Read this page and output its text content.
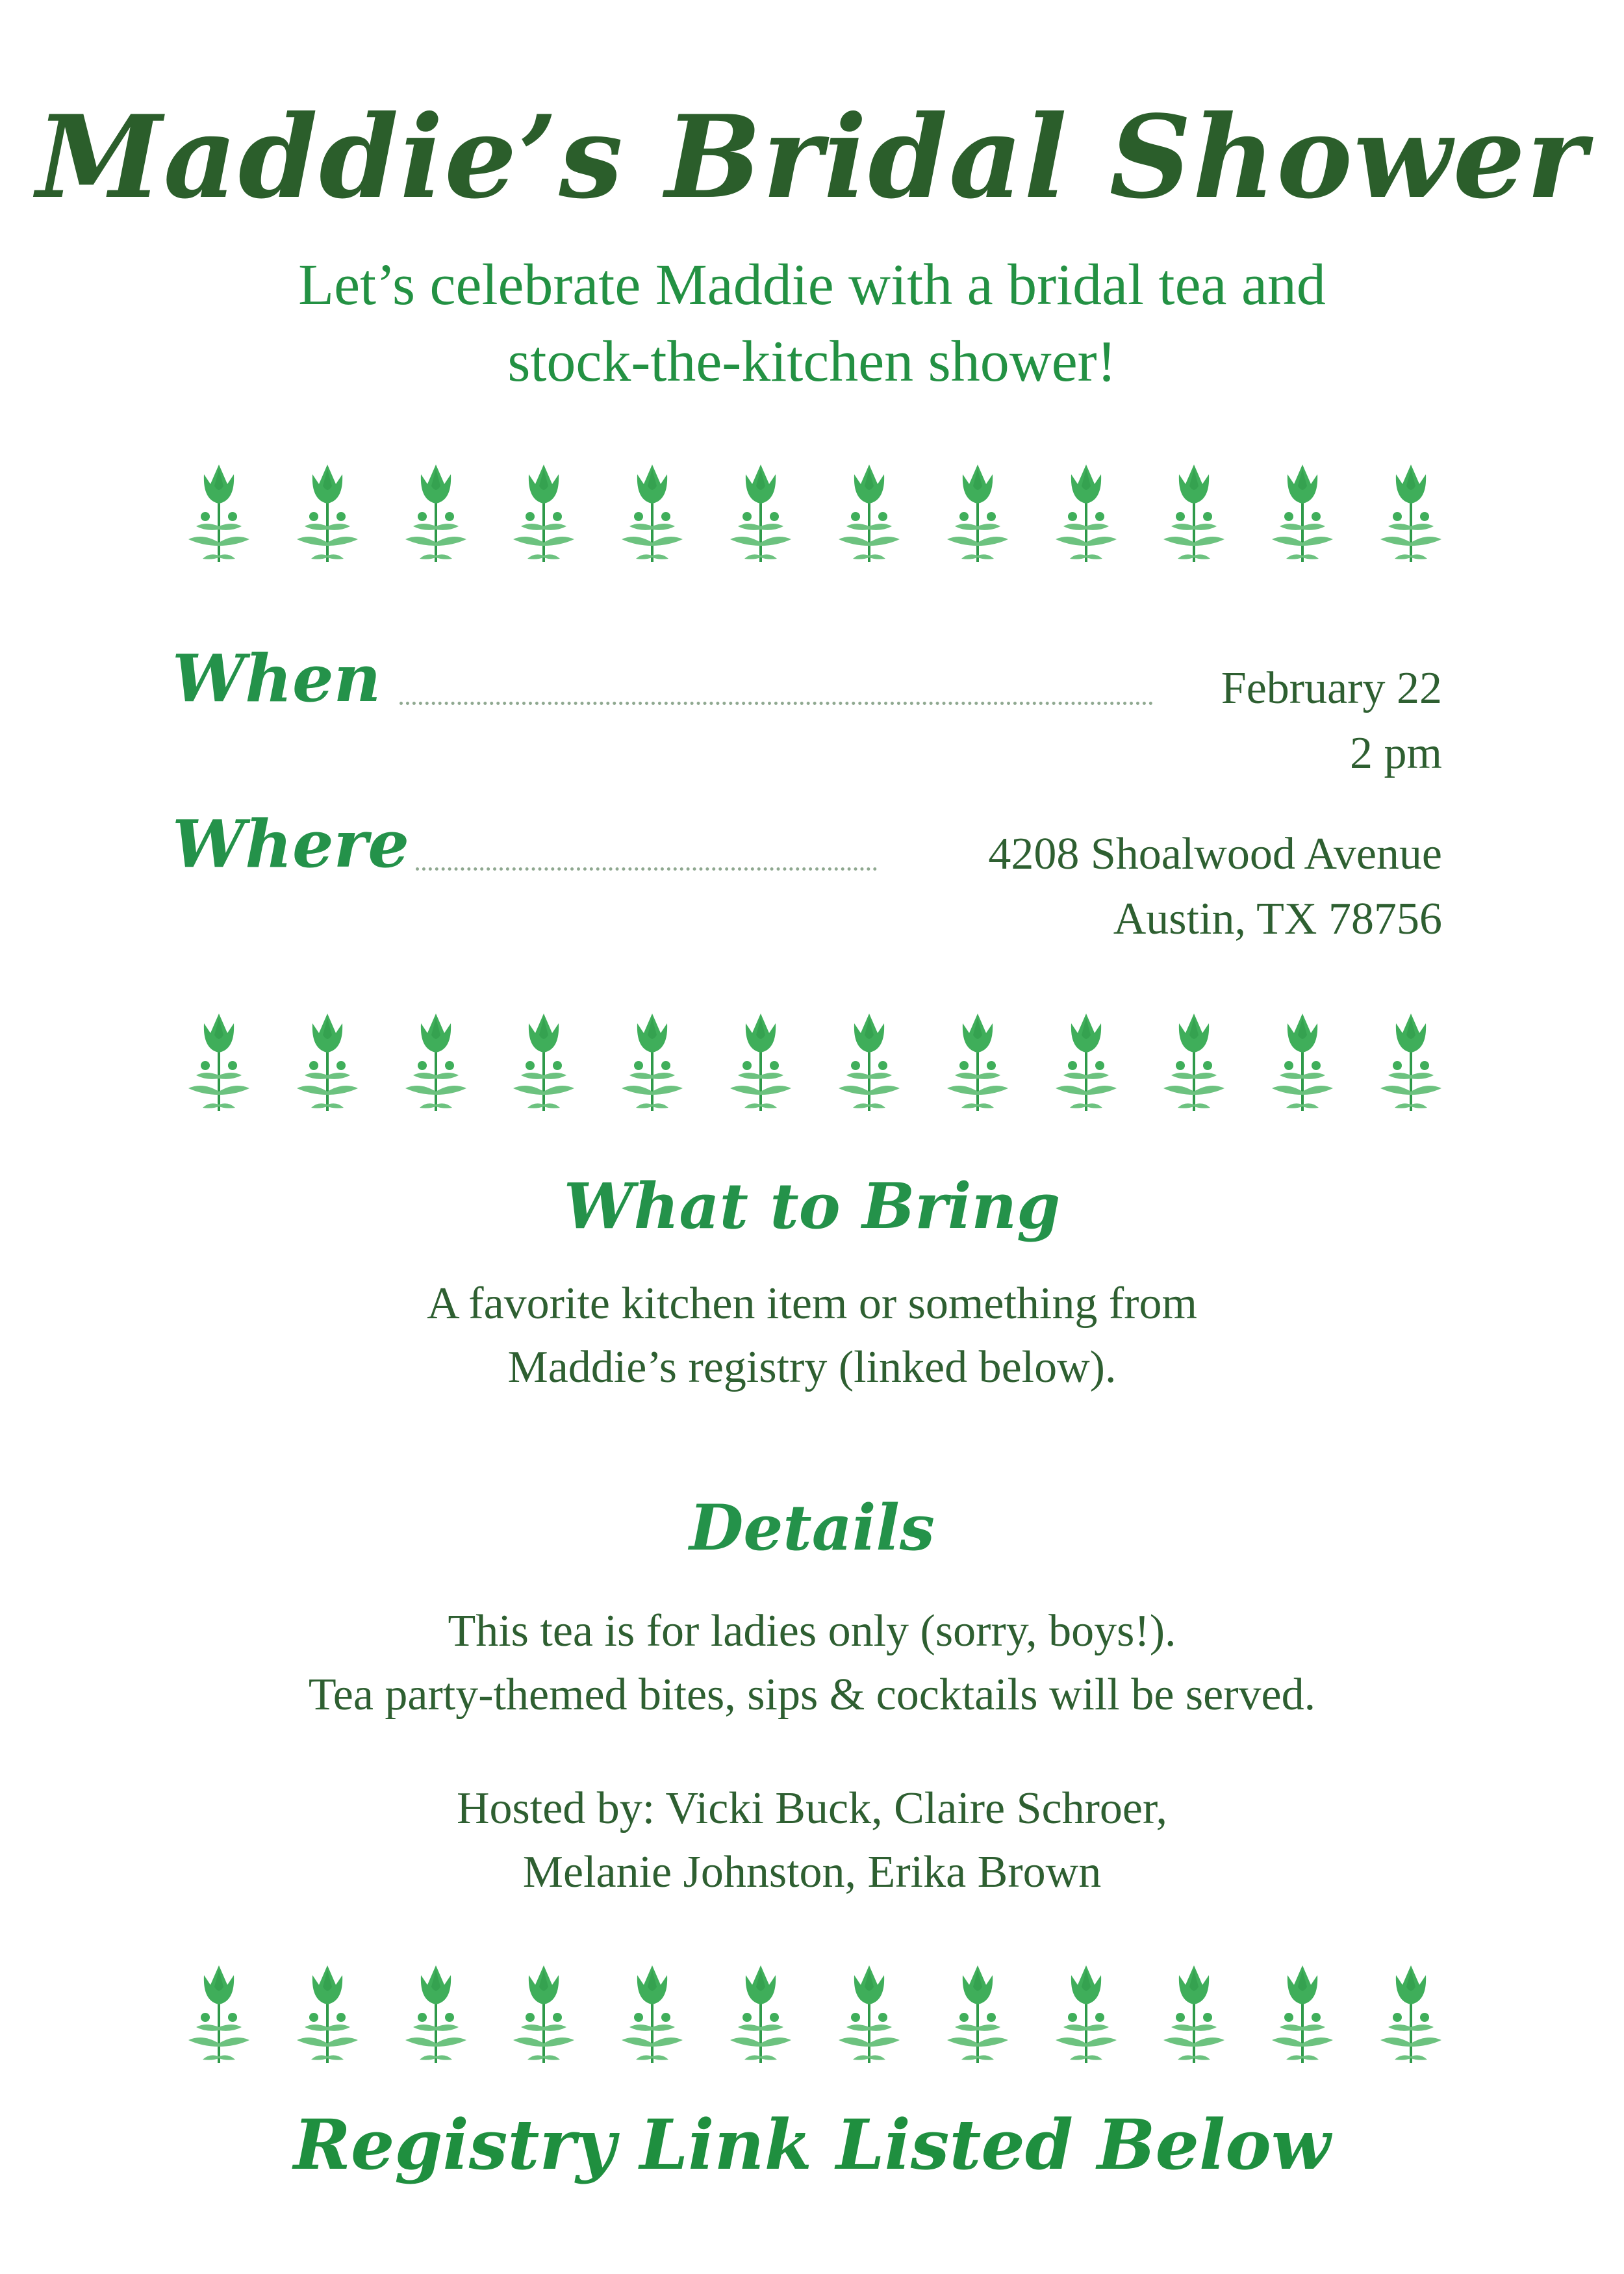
Maddie’s Bridal Shower
Let’s celebrate Maddie with a bridal tea and
stock-the-kitchen shower!
When	February 22
2 pm
Where	4208 Shoalwood Avenue
Austin, TX 78756
What to Bring
A favorite kitchen item or something from
Maddie’s registry (linked below).
Details
This tea is for ladies only (sorry, boys!).
Tea party-themed bites, sips & cocktails will be served.
Hosted by: Vicki Buck, Claire Schroer,
Melanie Johnston, Erika Brown
Registry Link Listed Below
